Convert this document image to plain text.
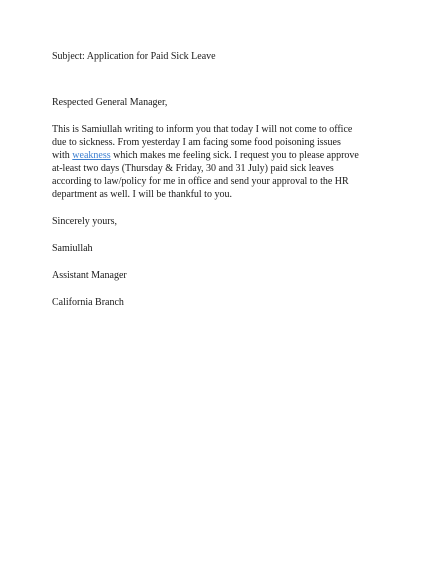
Subject: Application for Paid Sick Leave

Respected General Manager,

This is Samiullah writing to inform you that today I will not come to office
due to sickness. From yesterday I am facing some food poisoning issues
with weakness which makes me feeling sick. I request you to please approve
at-least two days (Thursday & Friday, 30 and 31 July) paid sick leaves
according to law/policy for me in office and send your approval to the HR
department as well. I will be thankful to you.

Sincerely yours,

Samiullah

Assistant Manager

California Branch
